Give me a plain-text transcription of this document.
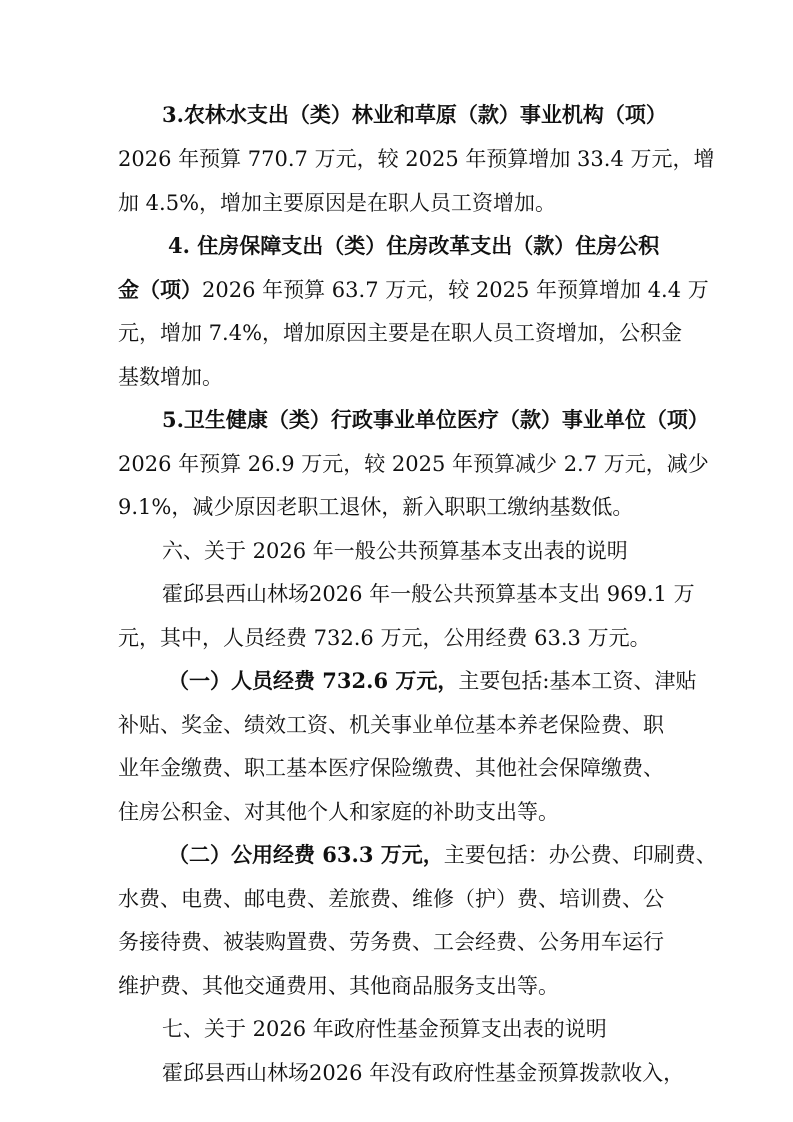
3.农林水支出（类）林业和草原（款）事业机构（项）
2026 年预算 770.7 万元，较 2025 年预算增加 33.4 万元，增
加 4.5%，增加主要原因是在职人员工资增加。
4. 住房保障支出（类）住房改革支出（款）住房公积
金（项）2026 年预算 63.7 万元，较 2025 年预算增加 4.4 万
元，增加 7.4%，增加原因主要是在职人员工资增加，公积金
基数增加。
5.卫生健康（类）行政事业单位医疗（款）事业单位（项）
2026 年预算 26.9 万元，较 2025 年预算减少 2.7 万元，减少
9.1%，减少原因老职工退休，新入职职工缴纳基数低。
六、关于 2026 年一般公共预算基本支出表的说明
霍邱县西山林场2026 年一般公共预算基本支出 969.1 万
元，其中，人员经费 732.6 万元，公用经费 63.3 万元。
（一）人员经费 732.6 万元，主要包括:基本工资、津贴
补贴、奖金、绩效工资、机关事业单位基本养老保险费、职
业年金缴费、职工基本医疗保险缴费、其他社会保障缴费、
住房公积金、对其他个人和家庭的补助支出等。
（二）公用经费 63.3 万元，主要包括：办公费、印刷费、
水费、电费、邮电费、差旅费、维修（护）费、培训费、公
务接待费、被装购置费、劳务费、工会经费、公务用车运行
维护费、其他交通费用、其他商品服务支出等。
七、关于 2026 年政府性基金预算支出表的说明
霍邱县西山林场2026 年没有政府性基金预算拨款收入，
